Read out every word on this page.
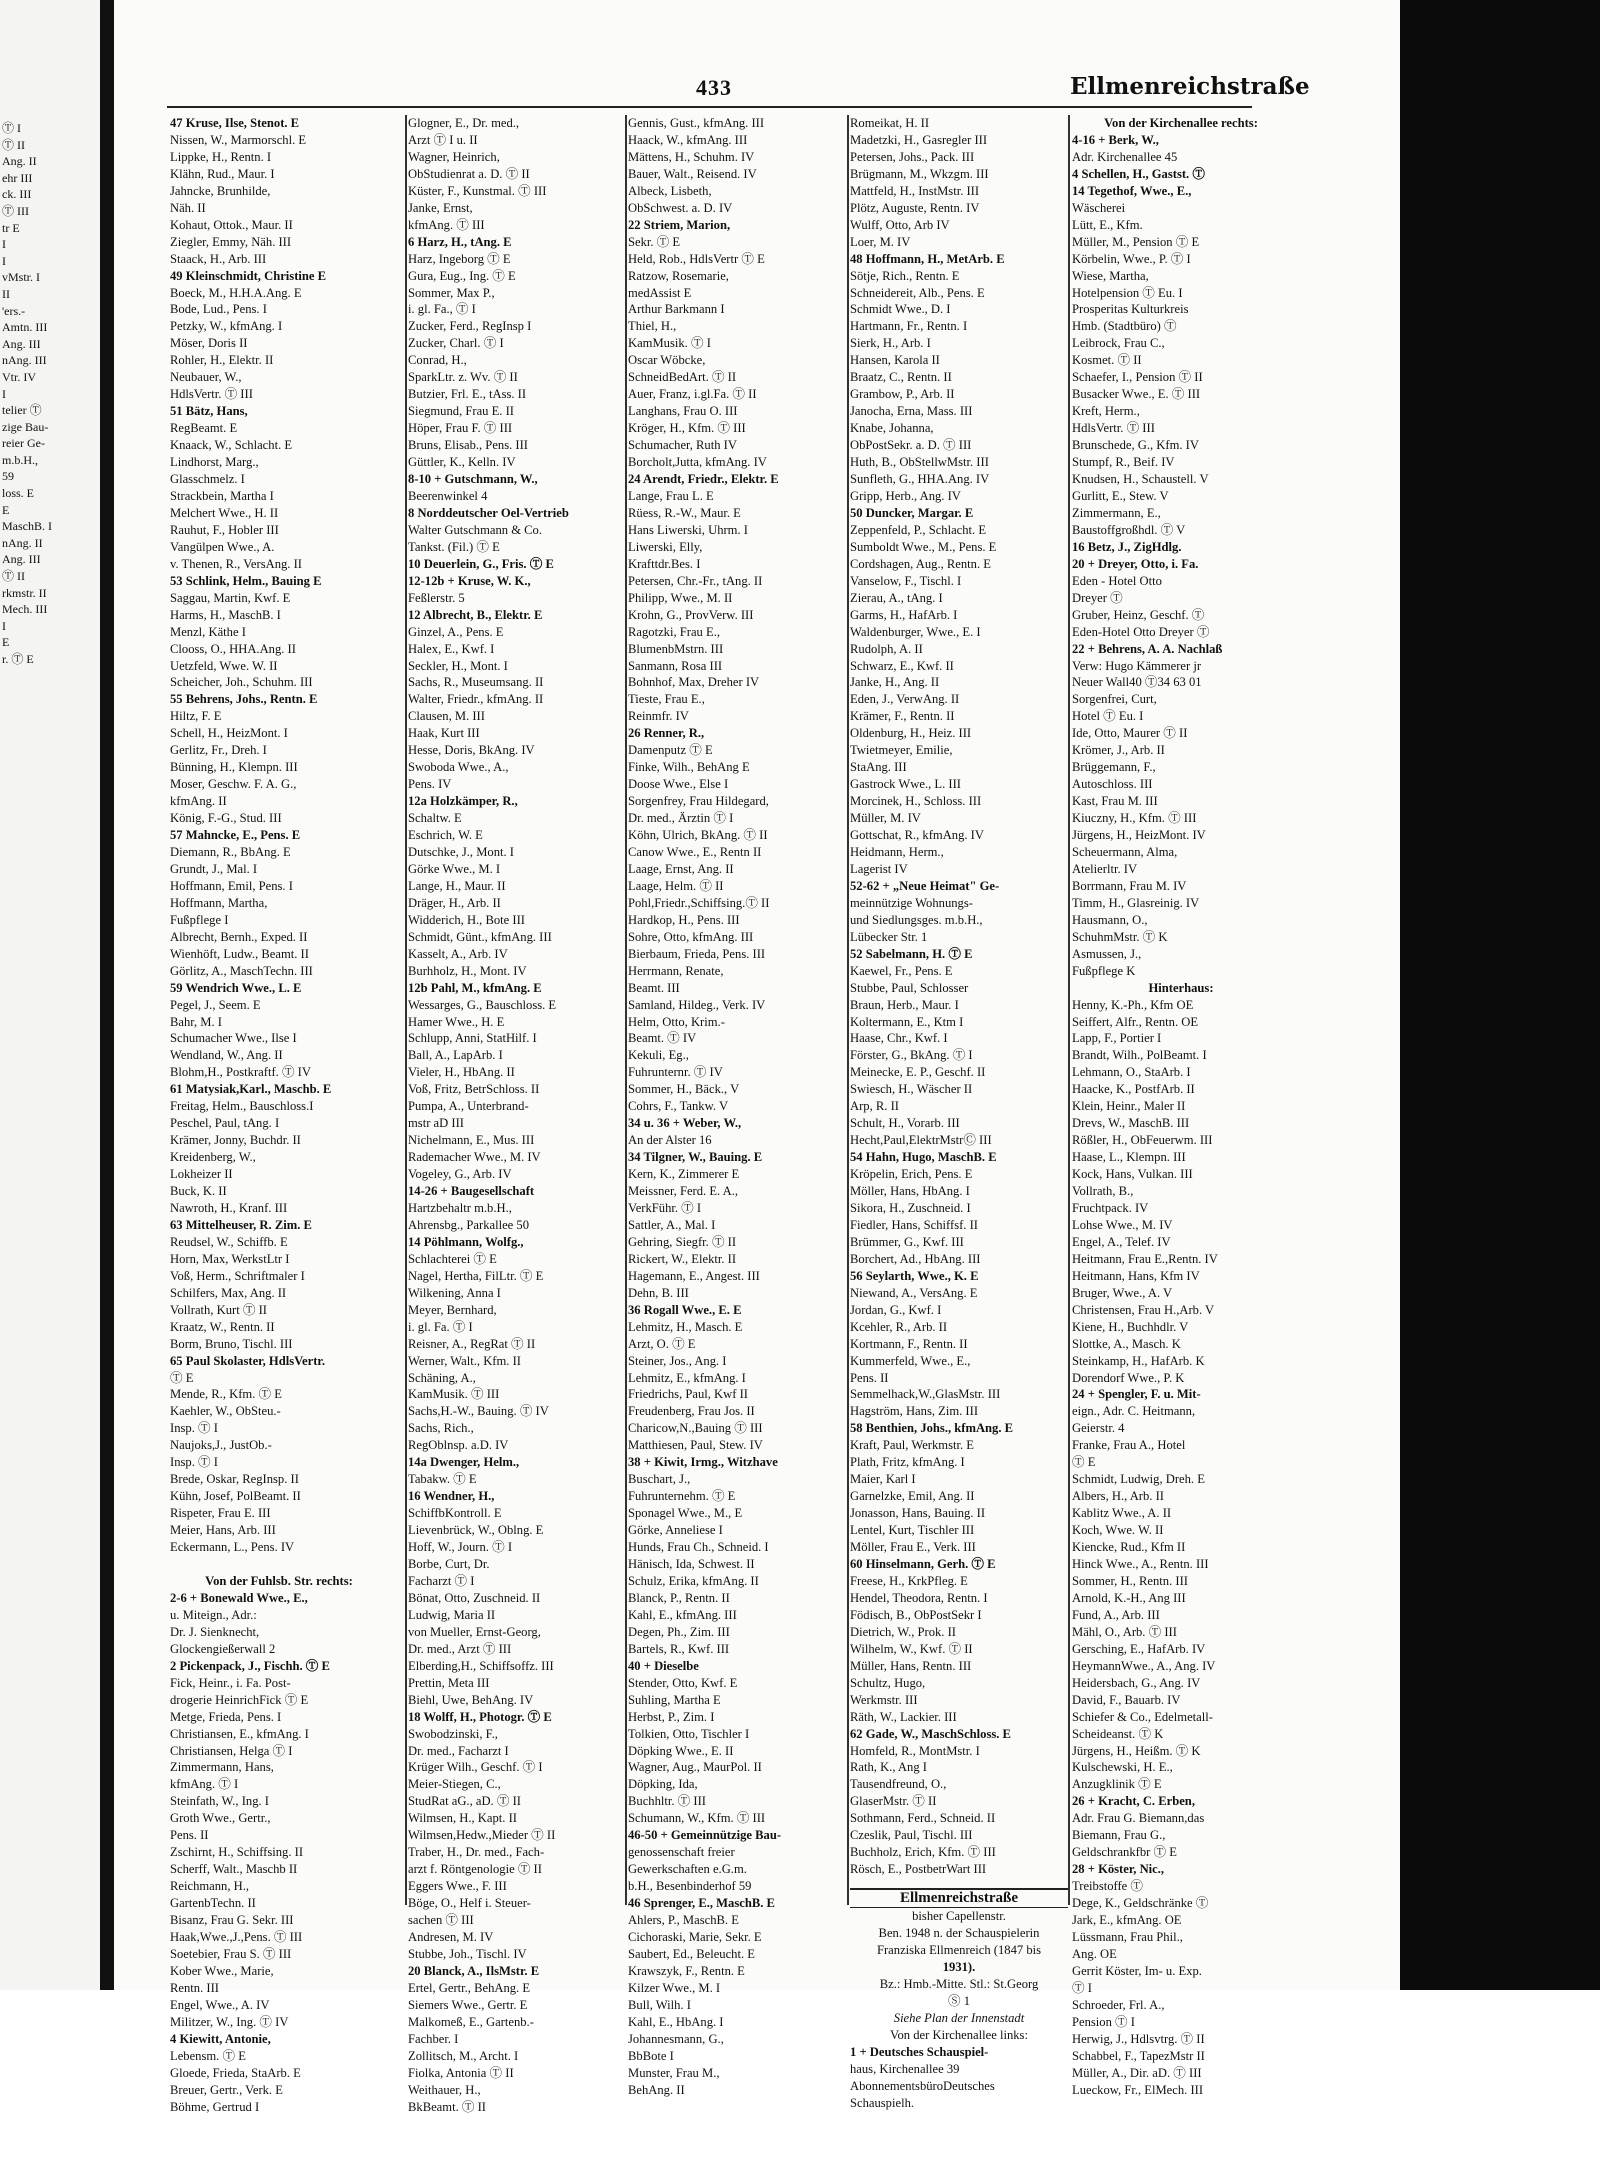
Ⓣ I
Ⓣ II
Ang. II
ehr III
ck. III
Ⓣ III
tr E
I
I
vMstr. I
II
'ers.-
Amtn. III
Ang. III
nAng. III
Vtr. IV
I
telier Ⓣ
zige Bau-
reier Ge-
m.b.H.,
59
loss. E
E
MaschB. I
nAng. II
Ang. III
Ⓣ II
rkmstr. II
Mech. III
I
E
r. Ⓣ E
433	Ellmenreichstraße
47 Kruse, Ilse, Stenot. E
Nissen, W., Marmorschl. E
Lippke, H., Rentn. I
Klähn, Rud., Maur. I
Jahncke, Brunhilde,
Näh. II
Kohaut, Ottok., Maur. II
Ziegler, Emmy, Näh. III
Staack, H., Arb. III
49 Kleinschmidt, Christine E
Boeck, M., H.H.A.Ang. E
Bode, Lud., Pens. I
Petzky, W., kfmAng. I
Möser, Doris II
Rohler, H., Elektr. II
Neubauer, W.,
HdlsVertr. Ⓣ III
51 Bätz, Hans,
RegBeamt. E
Knaack, W., Schlacht. E
Lindhorst, Marg.,
Glasschmelz. I
Strackbein, Martha I
Melchert Wwe., H. II
Rauhut, F., Hobler III
Vangülpen Wwe., A.
v. Thenen, R., VersAng. II
53 Schlink, Helm., Bauing E
Saggau, Martin, Kwf. E
Harms, H., MaschB. I
Menzl, Käthe I
Clooss, O., HHA.Ang. II
Uetzfeld, Wwe. W. II
Scheicher, Joh., Schuhm. III
55 Behrens, Johs., Rentn. E
Hiltz, F. E
Schell, H., HeizMont. I
Gerlitz, Fr., Dreh. I
Bünning, H., Klempn. III
Moser, Geschw. F. A. G.,
kfmAng. II
König, F.-G., Stud. III
57 Mahncke, E., Pens. E
Diemann, R., BbAng. E
Grundt, J., Mal. I
Hoffmann, Emil, Pens. I
Hoffmann, Martha,
Fußpflege I
Albrecht, Bernh., Exped. II
Wienhöft, Ludw., Beamt. II
Görlitz, A., MaschTechn. III
59 Wendrich Wwe., L. E
Pegel, J., Seem. E
Bahr, M. I
Schumacher Wwe., Ilse I
Wendland, W., Ang. II
Blohm,H., Postkraftf. Ⓣ IV
61 Matysiak,Karl., Maschb. E
Freitag, Helm., Bauschloss.I
Peschel, Paul, tAng. I
Krämer, Jonny, Buchdr. II
Kreidenberg, W.,
Lokheizer II
Buck, K. II
Nawroth, H., Kranf. III
63 Mittelheuser, R. Zim. E
Reudsel, W., Schiffb. E
Horn, Max, WerkstLtr I
Voß, Herm., Schriftmaler I
Schilfers, Max, Ang. II
Vollrath, Kurt Ⓣ II
Kraatz, W., Rentn. II
Borm, Bruno, Tischl. III
65 Paul Skolaster, HdlsVertr.
Ⓣ E
Mende, R., Kfm. Ⓣ E
Kaehler, W., ObSteu.-
Insp. Ⓣ I
Naujoks,J., JustOb.-
Insp. Ⓣ I
Brede, Oskar, RegInsp. II
Kühn, Josef, PolBeamt. II
Rispeter, Frau E. III
Meier, Hans, Arb. III
Eckermann, L., Pens. IV

Von der Fuhlsb. Str. rechts:
2-6 + Bonewald Wwe., E.,
u. Miteign., Adr.:
Dr. J. Sienknecht,
Glockengießerwall 2
2 Pickenpack, J., Fischh. Ⓣ E
Fick, Heinr., i. Fa. Post-
drogerie HeinrichFick Ⓣ E
Metge, Frieda, Pens. I
Christiansen, E., kfmAng. I
Christiansen, Helga Ⓣ I
Zimmermann, Hans,
kfmAng. Ⓣ I
Steinfath, W., Ing. I
Groth Wwe., Gertr.,
Pens. II
Zschirnt, H., Schiffsing. II
Scherff, Walt., Maschb II
Reichmann, H.,
GartenbTechn. II
Bisanz, Frau G. Sekr. III
Haak,Wwe.,J.,Pens. Ⓣ III
Soetebier, Frau S. Ⓣ III
Kober Wwe., Marie,
Rentn. III
Engel, Wwe., A. IV
Militzer, W., Ing. Ⓣ IV
4 Kiewitt, Antonie,
Lebensm. Ⓣ E
Gloede, Frieda, StaArb. E
Breuer, Gertr., Verk. E
Böhme, Gertrud I
Glogner, E., Dr. med.,
Arzt Ⓣ I u. II
Wagner, Heinrich,
ObStudienrat a. D. Ⓣ II
Küster, F., Kunstmal. Ⓣ III
Janke, Ernst,
kfmAng. Ⓣ III
6 Harz, H., tAng. E
Harz, Ingeborg Ⓣ E
Gura, Eug., Ing. Ⓣ E
Sommer, Max P.,
i. gl. Fa., Ⓣ I
Zucker, Ferd., RegInsp I
Zucker, Charl. Ⓣ I
Conrad, H.,
SparkLtr. z. Wv. Ⓣ II
Butzier, Frl. E., tAss. II
Siegmund, Frau E. II
Höper, Frau F. Ⓣ III
Bruns, Elisab., Pens. III
Güttler, K., Kelln. IV
8-10 + Gutschmann, W.,
Beerenwinkel 4
8 Norddeutscher Oel-Vertrieb
Walter Gutschmann & Co.
Tankst. (Fil.) Ⓣ E
10 Deuerlein, G., Fris. Ⓣ E
12-12b + Kruse, W. K.,
Feßlerstr. 5
12 Albrecht, B., Elektr. E
Ginzel, A., Pens. E
Halex, E., Kwf. I
Seckler, H., Mont. I
Sachs, R., Museumsang. II
Walter, Friedr., kfmAng. II
Clausen, M. III
Haak, Kurt III
Hesse, Doris, BkAng. IV
Swoboda Wwe., A.,
Pens. IV
12a Holzkämper, R.,
Schaltw. E
Eschrich, W. E
Dutschke, J., Mont. I
Görke Wwe., M. I
Lange, H., Maur. II
Dräger, H., Arb. II
Widderich, H., Bote III
Schmidt, Günt., kfmAng. III
Kasselt, A., Arb. IV
Burhholz, H., Mont. IV
12b Pahl, M., kfmAng. E
Wessarges, G., Bauschloss. E
Hamer Wwe., H. E
Schlupp, Anni, StatHilf. I
Ball, A., LapArb. I
Vieler, H., HbAng. II
Voß, Fritz, BetrSchloss. II
Pumpa, A., Unterbrand-
mstr aD III
Nichelmann, E., Mus. III
Rademacher Wwe., M. IV
Vogeley, G., Arb. IV
14-26 + Baugesellschaft
Hartzbehaltr m.b.H.,
Ahrensbg., Parkallee 50
14 Pöhlmann, Wolfg.,
Schlachterei Ⓣ E
Nagel, Hertha, FilLtr. Ⓣ E
Wilkening, Anna I
Meyer, Bernhard,
i. gl. Fa. Ⓣ I
Reisner, A., RegRat Ⓣ II
Werner, Walt., Kfm. II
Schäning, A.,
KamMusik. Ⓣ III
Sachs,H.-W., Bauing. Ⓣ IV
Sachs, Rich.,
RegOblnsp. a.D. IV
14a Dwenger, Helm.,
Tabakw. Ⓣ E
16 Wendner, H.,
SchiffbKontroll. E
Lievenbrück, W., Oblng. E
Hoff, W., Journ. Ⓣ I
Borbe, Curt, Dr.
Facharzt Ⓣ I
Bönat, Otto, Zuschneid. II
Ludwig, Maria II
von Mueller, Ernst-Georg,
Dr. med., Arzt Ⓣ III
Elberding,H., Schiffsoffz. III
Prettin, Meta III
Biehl, Uwe, BehAng. IV
18 Wolff, H., Photogr. Ⓣ E
Swobodzinski, F.,
Dr. med., Facharzt I
Krüger Wilh., Geschf. Ⓣ I
Meier-Stiegen, C.,
StudRat aG., aD. Ⓣ II
Wilmsen, H., Kapt. II
Wilmsen,Hedw.,Mieder Ⓣ II
Traber, H., Dr. med., Fach-
arzt f. Röntgenologie Ⓣ II
Eggers Wwe., F. III
Böge, O., Helf i. Steuer-
sachen Ⓣ III
Andresen, M. IV
Stubbe, Joh., Tischl. IV
20 Blanck, A., IlsMstr. E
Ertel, Gertr., BehAng. E
Siemers Wwe., Gertr. E
Malkomeß, E., Gartenb.-
Fachber. I
Zollitsch, M., Archt. I
Fiolka, Antonia Ⓣ II
Weithauer, H.,
BkBeamt. Ⓣ II
Gennis, Gust., kfmAng. III
Haack, W., kfmAng. III
Mättens, H., Schuhm. IV
Bauer, Walt., Reisend. IV
Albeck, Lisbeth,
ObSchwest. a. D. IV
22 Striem, Marion,
Sekr. Ⓣ E
Held, Rob., HdlsVertr Ⓣ E
Ratzow, Rosemarie,
medAssist E
Arthur Barkmann I
Thiel, H.,
KamMusik. Ⓣ I
Oscar Wöbcke,
SchneidBedArt. Ⓣ II
Auer, Franz, i.gl.Fa. Ⓣ II
Langhans, Frau O. III
Kröger, H., Kfm. Ⓣ III
Schumacher, Ruth IV
Borcholt,Jutta, kfmAng. IV
24 Arendt, Friedr., Elektr. E
Lange, Frau L. E
Rüess, R.-W., Maur. E
Hans Liwerski, Uhrm. I
Liwerski, Elly,
Krafttdr.Bes. I
Petersen, Chr.-Fr., tAng. II
Philipp, Wwe., M. II
Krohn, G., ProvVerw. III
Ragotzki, Frau E.,
BlumenbMstrn. III
Sanmann, Rosa III
Bohnhof, Max, Dreher IV
Tieste, Frau E.,
Reinmfr. IV
26 Renner, R.,
Damenputz Ⓣ E
Finke, Wilh., BehAng E
Doose Wwe., Else I
Sorgenfrey, Frau Hildegard,
Dr. med., Ärztin Ⓣ I
Köhn, Ulrich, BkAng. Ⓣ II
Canow Wwe., E., Rentn II
Laage, Ernst, Ang. II
Laage, Helm. Ⓣ II
Pohl,Friedr.,Schiffsing.Ⓣ II
Hardkop, H., Pens. III
Sohre, Otto, kfmAng. III
Bierbaum, Frieda, Pens. III
Herrmann, Renate,
Beamt. III
Samland, Hildeg., Verk. IV
Helm, Otto, Krim.-
Beamt. Ⓣ IV
Kekuli, Eg.,
Fuhrunternr. Ⓣ IV
Sommer, H., Bäck., V
Cohrs, F., Tankw. V
34 u. 36 + Weber, W.,
An der Alster 16
34 Tilgner, W., Bauing. E
Kern, K., Zimmerer E
Meissner, Ferd. E. A.,
VerkFühr. Ⓣ I
Sattler, A., Mal. I
Gehring, Siegfr. Ⓣ II
Rickert, W., Elektr. II
Hagemann, E., Angest. III
Dehn, B. III
36 Rogall Wwe., E. E
Lehmitz, H., Masch. E
Arzt, O. Ⓣ E
Steiner, Jos., Ang. I
Lehmitz, E., kfmAng. I
Friedrichs, Paul, Kwf II
Freudenberg, Frau Jos. II
Charicow,N.,Bauing Ⓣ III
Matthiesen, Paul, Stew. IV
38 + Kiwit, Irmg., Witzhave
Buschart, J.,
Fuhrunternehm. Ⓣ E
Sponagel Wwe., M., E
Görke, Anneliese I
Hunds, Frau Ch., Schneid. I
Hänisch, Ida, Schwest. II
Schulz, Erika, kfmAng. II
Blanck, P., Rentn. II
Kahl, E., kfmAng. III
Degen, Ph., Zim. III
Bartels, R., Kwf. III
40 + Dieselbe
Stender, Otto, Kwf. E
Suhling, Martha E
Herbst, P., Zim. I
Tolkien, Otto, Tischler I
Döpking Wwe., E. II
Wagner, Aug., MaurPol. II
Döpking, Ida,
Buchhltr. Ⓣ III
Schumann, W., Kfm. Ⓣ III
46-50 + Gemeinnützige Bau-
genossenschaft freier
Gewerkschaften e.G.m.
b.H., Besenbinderhof 59
46 Sprenger, E., MaschB. E
Ahlers, P., MaschB. E
Cichoraski, Marie, Sekr. E
Saubert, Ed., Beleucht. E
Krawszyk, F., Rentn. E
Kilzer Wwe., M. I
Bull, Wilh. I
Kahl, E., HbAng. I
Johannesmann, G.,
BbBote I
Munster, Frau M.,
BehAng. II
Romeikat, H. II
Madetzki, H., Gasregler III
Petersen, Johs., Pack. III
Brügmann, M., Wkzgm. III
Mattfeld, H., InstMstr. III
Plötz, Auguste, Rentn. IV
Wulff, Otto, Arb IV
Loer, M. IV
48 Hoffmann, H., MetArb. E
Sötje, Rich., Rentn. E
Schneidereit, Alb., Pens. E
Schmidt Wwe., D. I
Hartmann, Fr., Rentn. I
Sierk, H., Arb. I
Hansen, Karola II
Braatz, C., Rentn. II
Grambow, P., Arb. II
Janocha, Erna, Mass. III
Knabe, Johanna,
ObPostSekr. a. D. Ⓣ III
Huth, B., ObStellwMstr. III
Sunfleth, G., HHA.Ang. IV
Gripp, Herb., Ang. IV
50 Duncker, Margar. E
Zeppenfeld, P., Schlacht. E
Sumboldt Wwe., M., Pens. E
Cordshagen, Aug., Rentn. E
Vanselow, F., Tischl. I
Zierau, A., tAng. I
Garms, H., HafArb. I
Waldenburger, Wwe., E. I
Rudolph, A. II
Schwarz, E., Kwf. II
Janke, H., Ang. II
Eden, J., VerwAng. II
Krämer, F., Rentn. II
Oldenburg, H., Heiz. III
Twietmeyer, Emilie,
StaAng. III
Gastrock Wwe., L. III
Morcinek, H., Schloss. III
Müller, M. IV
Gottschat, R., kfmAng. IV
Heidmann, Herm.,
Lagerist IV
52-62 + „Neue Heimat" Ge-
meinnützige Wohnungs-
und Siedlungsges. m.b.H.,
Lübecker Str. 1
52 Sabelmann, H. Ⓣ E
Kaewel, Fr., Pens. E
Stubbe, Paul, Schlosser
Braun, Herb., Maur. I
Koltermann, E., Ktm I
Haase, Chr., Kwf. I
Förster, G., BkAng. Ⓣ I
Meinecke, E. P., Geschf. II
Swiesch, H., Wäscher II
Arp, R. II
Schult, H., Vorarb. III
Hecht,Paul,ElektrMstrⒸ III
54 Hahn, Hugo, MaschB. E
Kröpelin, Erich, Pens. E
Möller, Hans, HbAng. I
Sikora, H., Zuschneid. I
Fiedler, Hans, Schiffsf. II
Brümmer, G., Kwf. III
Borchert, Ad., HbAng. III
56 Seylarth, Wwe., K. E
Niewand, A., VersAng. E
Jordan, G., Kwf. I
Kcehler, R., Arb. II
Kortmann, F., Rentn. II
Kummerfeld, Wwe., E.,
Pens. II
Semmelhack,W.,GlasMstr. III
Hagström, Hans, Zim. III
58 Benthien, Johs., kfmAng. E
Kraft, Paul, Werkmstr. E
Plath, Fritz, kfmAng. I
Maier, Karl I
Garnelzke, Emil, Ang. II
Jonasson, Hans, Bauing. II
Lentel, Kurt, Tischler III
Möller, Frau E., Verk. III
60 Hinselmann, Gerh. Ⓣ E
Freese, H., KrkPfleg. E
Hendel, Theodora, Rentn. I
Födisch, B., ObPostSekr I
Dietrich, W., Prok. II
Wilhelm, W., Kwf. Ⓣ II
Müller, Hans, Rentn. III
Schultz, Hugo,
Werkmstr. III
Räth, W., Lackier. III
62 Gade, W., MaschSchloss. E
Homfeld, R., MontMstr. I
Rath, K., Ang I
Tausendfreund, O.,
GlaserMstr. Ⓣ II
Sothmann, Ferd., Schneid. II
Czeslik, Paul, Tischl. III
Buchholz, Erich, Kfm. Ⓣ III
Rösch, E., PostbetrWart III
Ellmenreichstraße
bisher Capellenstr.
Ben. 1948 n. der Schauspielerin
Franziska Ellmenreich (1847 bis
1931).
Bz.: Hmb.-Mitte. Stl.: St.Georg
Ⓢ 1
Siehe Plan der Innenstadt
Von der Kirchenallee links:
1 + Deutsches Schauspiel-
haus, Kirchenallee 39
AbonnementsbüroDeutsches
Schauspielh.
Von der Kirchenallee rechts:
4-16 + Berk, W.,
Adr. Kirchenallee 45
4 Schellen, H., Gastst. Ⓣ
14 Tegethof, Wwe., E.,
Wäscherei
Lütt, E., Kfm.
Müller, M., Pension Ⓣ E
Körbelin, Wwe., P. Ⓣ I
Wiese, Martha,
Hotelpension Ⓣ Eu. I
Prosperitas Kulturkreis
Hmb. (Stadtbüro) Ⓣ
Leibrock, Frau C.,
Kosmet. Ⓣ II
Schaefer, I., Pension Ⓣ II
Busacker Wwe., E. Ⓣ III
Kreft, Herm.,
HdlsVertr. Ⓣ III
Brunschede, G., Kfm. IV
Stumpf, R., Beif. IV
Knudsen, H., Schaustell. V
Gurlitt, E., Stew. V
Zimmermann, E.,
Baustoffgroßhdl. Ⓣ V
16 Betz, J., ZigHdlg.
20 + Dreyer, Otto, i. Fa.
Eden - Hotel Otto
Dreyer Ⓣ
Gruber, Heinz, Geschf. Ⓣ
Eden-Hotel Otto Dreyer Ⓣ
22 + Behrens, A. A. Nachlaß
Verw: Hugo Kämmerer jr
Neuer Wall40 Ⓣ34 63 01
Sorgenfrei, Curt,
Hotel Ⓣ Eu. I
Ide, Otto, Maurer Ⓣ II
Krömer, J., Arb. II
Brüggemann, F.,
Autoschloss. III
Kast, Frau M. III
Kiuczny, H., Kfm. Ⓣ III
Jürgens, H., HeizMont. IV
Scheuermann, Alma,
Atelierltr. IV
Borrmann, Frau M. IV
Timm, H., Glasreinig. IV
Hausmann, O.,
SchuhmMstr. Ⓣ K
Asmussen, J.,
Fußpflege K
Hinterhaus:
Henny, K.-Ph., Kfm OE
Seiffert, Alfr., Rentn. OE
Lapp, F., Portier I
Brandt, Wilh., PolBeamt. I
Lehmann, O., StaArb. I
Haacke, K., PostfArb. II
Klein, Heinr., Maler II
Drevs, W., MaschB. III
Rößler, H., ObFeuerwm. III
Haase, L., Klempn. III
Kock, Hans, Vulkan. III
Vollrath, B.,
Fruchtpack. IV
Lohse Wwe., M. IV
Engel, A., Telef. IV
Heitmann, Frau E.,Rentn. IV
Heitmann, Hans, Kfm IV
Bruger, Wwe., A. V
Christensen, Frau H.,Arb. V
Kiene, H., Buchhdlr. V
Slottke, A., Masch. K
Steinkamp, H., HafArb. K
Dorendorf Wwe., P. K
24 + Spengler, F. u. Mit-
eign., Adr. C. Heitmann,
Geierstr. 4
Franke, Frau A., Hotel
Ⓣ E
Schmidt, Ludwig, Dreh. E
Albers, H., Arb. II
Kablitz Wwe., A. II
Koch, Wwe. W. II
Kiencke, Rud., Kfm II
Hinck Wwe., A., Rentn. III
Sommer, H., Rentn. III
Arnold, K.-H., Ang III
Fund, A., Arb. III
Mähl, O., Arb. Ⓣ III
Gersching, E., HafArb. IV
HeymannWwe., A., Ang. IV
Heidersbach, G., Ang. IV
David, F., Bauarb. IV
Schiefer & Co., Edelmetall-
Scheideanst. Ⓣ K
Jürgens, H., Heißm. Ⓣ K
Kulschewski, H. E.,
Anzugklinik Ⓣ E
26 + Kracht, C. Erben,
Adr. Frau G. Biemann,das
Biemann, Frau G.,
Geldschrankfbr Ⓣ E
28 + Köster, Nic.,
Treibstoffe Ⓣ
Dege, K., Geldschränke Ⓣ
Jark, E., kfmAng. OE
Lüssmann, Frau Phil.,
Ang. OE
Gerrit Köster, Im- u. Exp.
Ⓣ I
Schroeder, Frl. A.,
Pension Ⓣ I
Herwig, J., Hdlsvtrg. Ⓣ II
Schabbel, F., TapezMstr II
Müller, A., Dir. aD. Ⓣ III
Lueckow, Fr., ElMech. III
